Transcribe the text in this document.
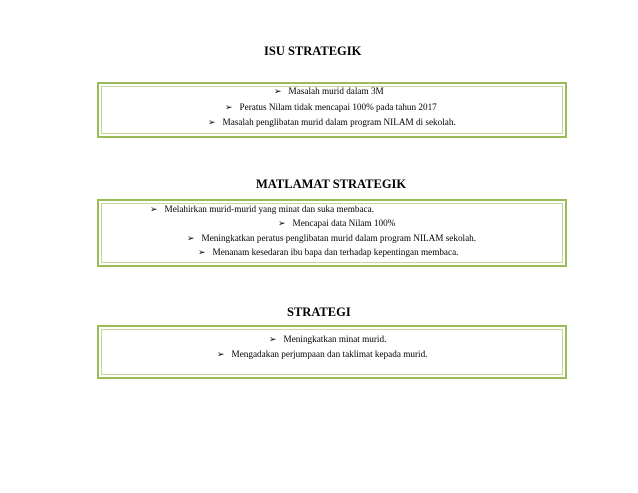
ISU STRATEGIK
➢ Masalah murid dalam 3M
➢ Peratus Nilam tidak mencapai 100% pada tahun 2017
➢ Masalah penglibatan murid dalam program NILAM di sekolah.
MATLAMAT STRATEGIK
➢ Melahirkan murid-murid yang minat dan suka membaca.
➢ Mencapai data Nilam 100%
➢ Meningkatkan peratus penglibatan murid dalam program NILAM sekolah.
➢ Menanam kesedaran ibu bapa dan terhadap kepentingan membaca.
STRATEGI
➢ Meningkatkan minat murid.
➢ Mengadakan perjumpaan dan taklimat kepada murid.
